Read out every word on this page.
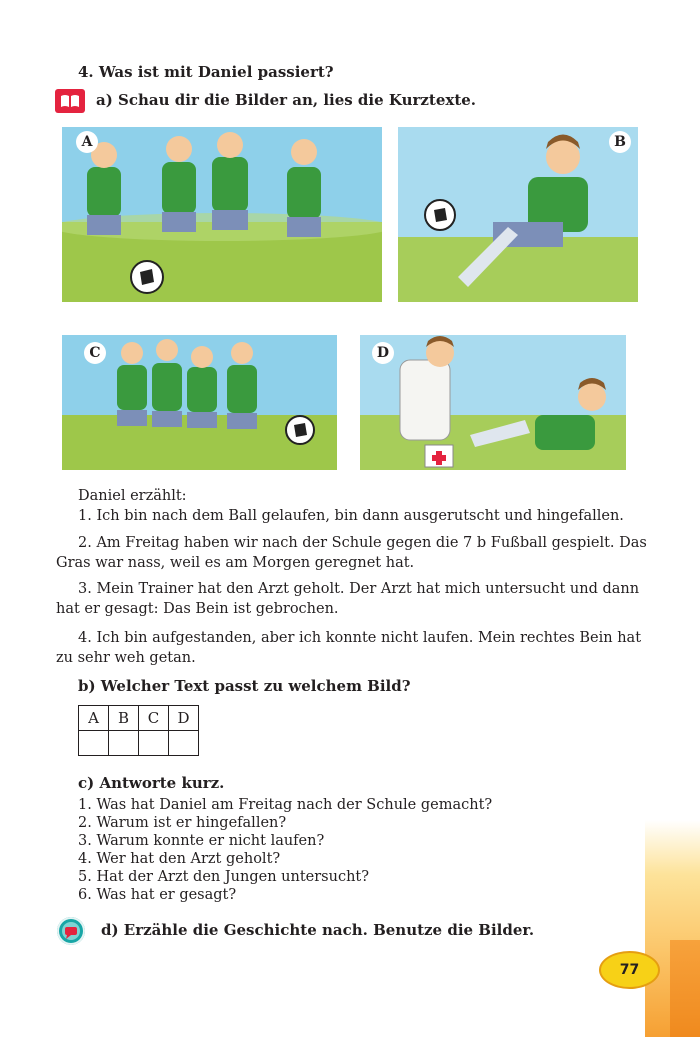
4. Was ist mit Daniel passiert?
a) Schau dir die Bilder an, lies die Kurztexte.
A	B
C	D
Daniel erzählt:
1. Ich bin nach dem Ball gelaufen, bin dann ausgerutscht und hingefallen.
2. Am Freitag haben wir nach der Schule gegen die 7 b Fußball gespielt. Das Gras war nass, weil es am Morgen geregnet hat.
3. Mein Trainer hat den Arzt geholt. Der Arzt hat mich untersucht und dann hat er gesagt: Das Bein ist gebrochen.
4. Ich bin aufgestanden, aber ich konnte nicht laufen. Mein rechtes Bein hat zu sehr weh getan.
b) Welcher Text passt zu welchem Bild?
A	B	C	D

c) Antworte kurz.
1. Was hat Daniel am Freitag nach der Schule gemacht?
2. Warum ist er hingefallen?
3. Warum konnte er nicht laufen?
4. Wer hat den Arzt geholt?
5. Hat der Arzt den Jungen untersucht?
6. Was hat er gesagt?
d) Erzähle die Geschichte nach. Benutze die Bilder.
77
